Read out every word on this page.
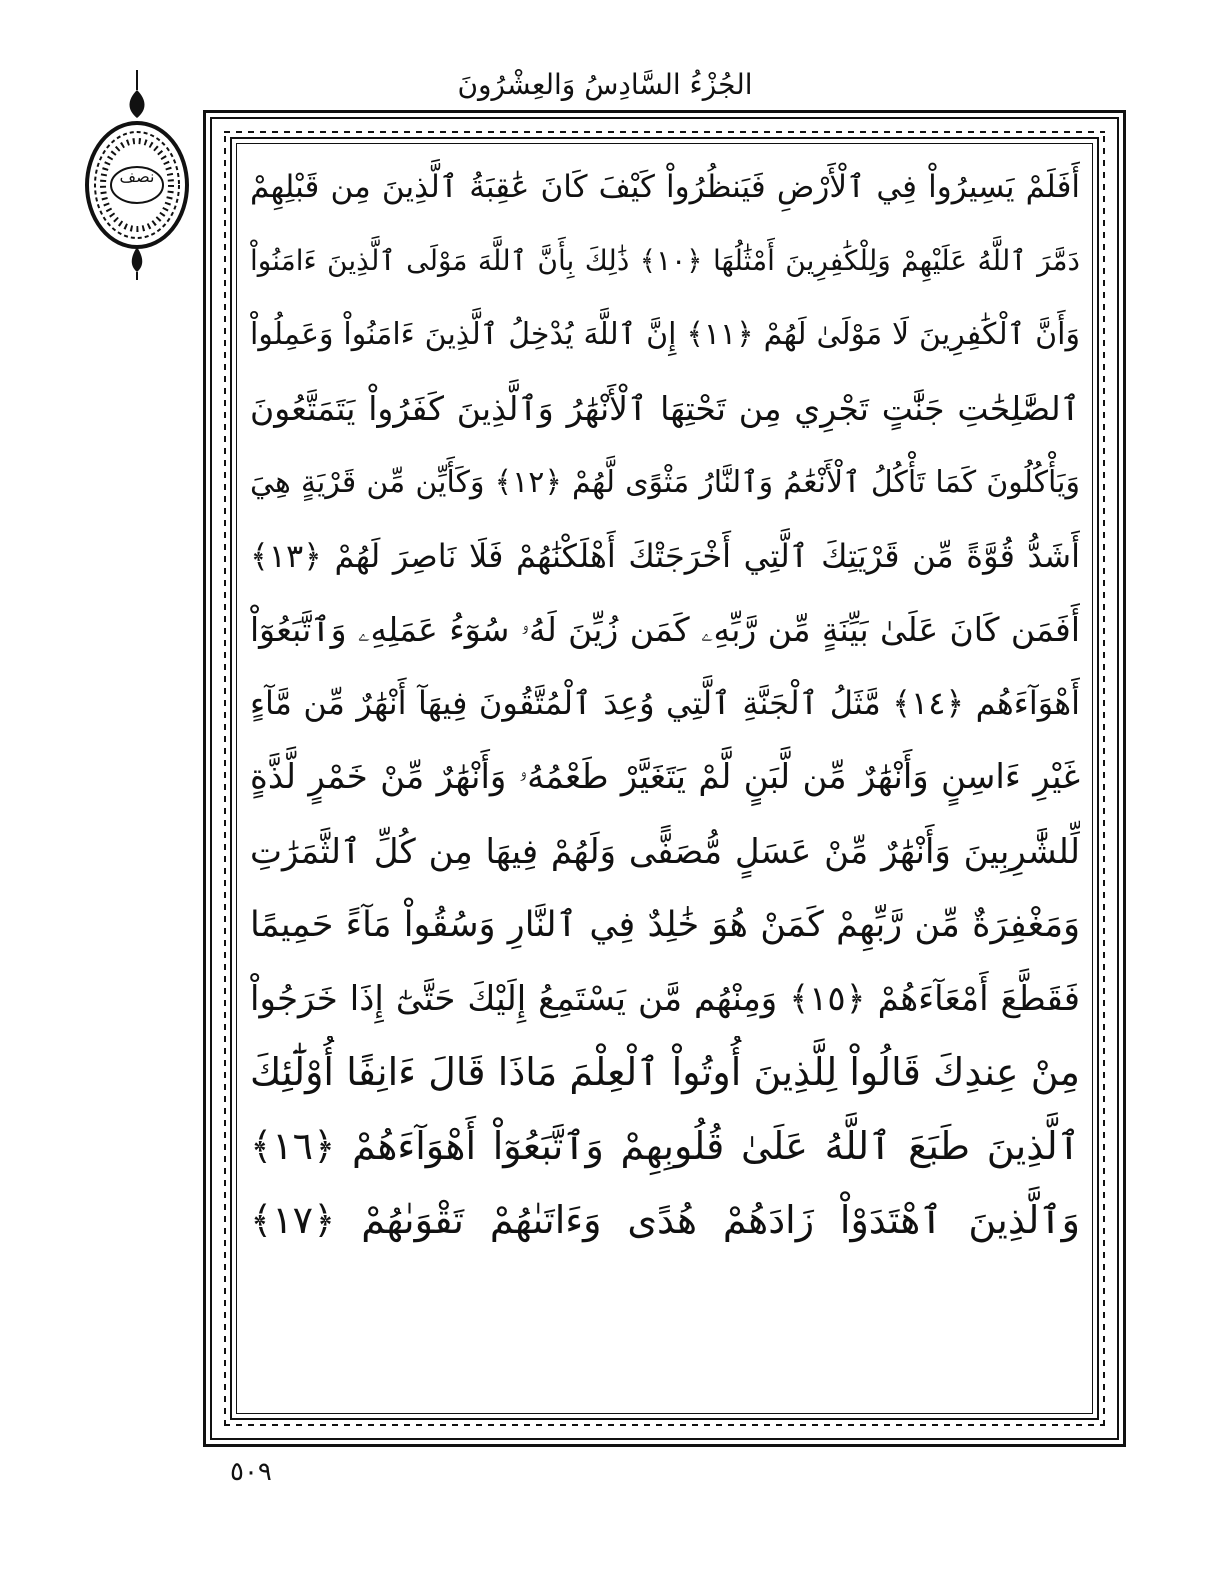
الجُزْءُ السَّادِسُ وَالعِشْرُونَ
نصف	أَفَلَمْ يَسِيرُواْ فِي ٱلْأَرْضِ فَيَنظُرُواْ كَيْفَ كَانَ عَٰقِبَةُ ٱلَّذِينَ مِن قَبْلِهِمْ
دَمَّرَ ٱللَّهُ عَلَيْهِمْ وَلِلْكَٰفِرِينَ أَمْثَٰلُهَا ﴿١٠﴾ ذَٰلِكَ بِأَنَّ ٱللَّهَ مَوْلَى ٱلَّذِينَ ءَامَنُواْ
وَأَنَّ ٱلْكَٰفِرِينَ لَا مَوْلَىٰ لَهُمْ ﴿١١﴾ إِنَّ ٱللَّهَ يُدْخِلُ ٱلَّذِينَ ءَامَنُواْ وَعَمِلُواْ
ٱلصَّٰلِحَٰتِ جَنَّٰتٍ تَجْرِي مِن تَحْتِهَا ٱلْأَنْهَٰرُ وَٱلَّذِينَ كَفَرُواْ يَتَمَتَّعُونَ
وَيَأْكُلُونَ كَمَا تَأْكُلُ ٱلْأَنْعَٰمُ وَٱلنَّارُ مَثْوًى لَّهُمْ ﴿١٢﴾ وَكَأَيِّن مِّن قَرْيَةٍ هِيَ
أَشَدُّ قُوَّةً مِّن قَرْيَتِكَ ٱلَّتِي أَخْرَجَتْكَ أَهْلَكْنَٰهُمْ فَلَا نَاصِرَ لَهُمْ ﴿١٣﴾
أَفَمَن كَانَ عَلَىٰ بَيِّنَةٍ مِّن رَّبِّهِۦ كَمَن زُيِّنَ لَهُۥ سُوٓءُ عَمَلِهِۦ وَٱتَّبَعُوٓاْ
أَهْوَآءَهُم ﴿١٤﴾ مَّثَلُ ٱلْجَنَّةِ ٱلَّتِي وُعِدَ ٱلْمُتَّقُونَ فِيهَآ أَنْهَٰرٌ مِّن مَّآءٍ
غَيْرِ ءَاسِنٍ وَأَنْهَٰرٌ مِّن لَّبَنٍ لَّمْ يَتَغَيَّرْ طَعْمُهُۥ وَأَنْهَٰرٌ مِّنْ خَمْرٍ لَّذَّةٍ
لِّلشَّٰرِبِينَ وَأَنْهَٰرٌ مِّنْ عَسَلٍ مُّصَفًّى وَلَهُمْ فِيهَا مِن كُلِّ ٱلثَّمَرَٰتِ
وَمَغْفِرَةٌ مِّن رَّبِّهِمْ كَمَنْ هُوَ خَٰلِدٌ فِي ٱلنَّارِ وَسُقُواْ مَآءً حَمِيمًا
فَقَطَّعَ أَمْعَآءَهُمْ ﴿١٥﴾ وَمِنْهُم مَّن يَسْتَمِعُ إِلَيْكَ حَتَّىٰٓ إِذَا خَرَجُواْ
مِنْ عِندِكَ قَالُواْ لِلَّذِينَ أُوتُواْ ٱلْعِلْمَ مَاذَا قَالَ ءَانِفًا أُوْلَٰٓئِكَ
ٱلَّذِينَ طَبَعَ ٱللَّهُ عَلَىٰ قُلُوبِهِمْ وَٱتَّبَعُوٓاْ أَهْوَآءَهُمْ ﴿١٦﴾
وَٱلَّذِينَ ٱهْتَدَوْاْ زَادَهُمْ هُدًى وَءَاتَىٰهُمْ تَقْوَىٰهُمْ ﴿١٧﴾
٥٠٩
